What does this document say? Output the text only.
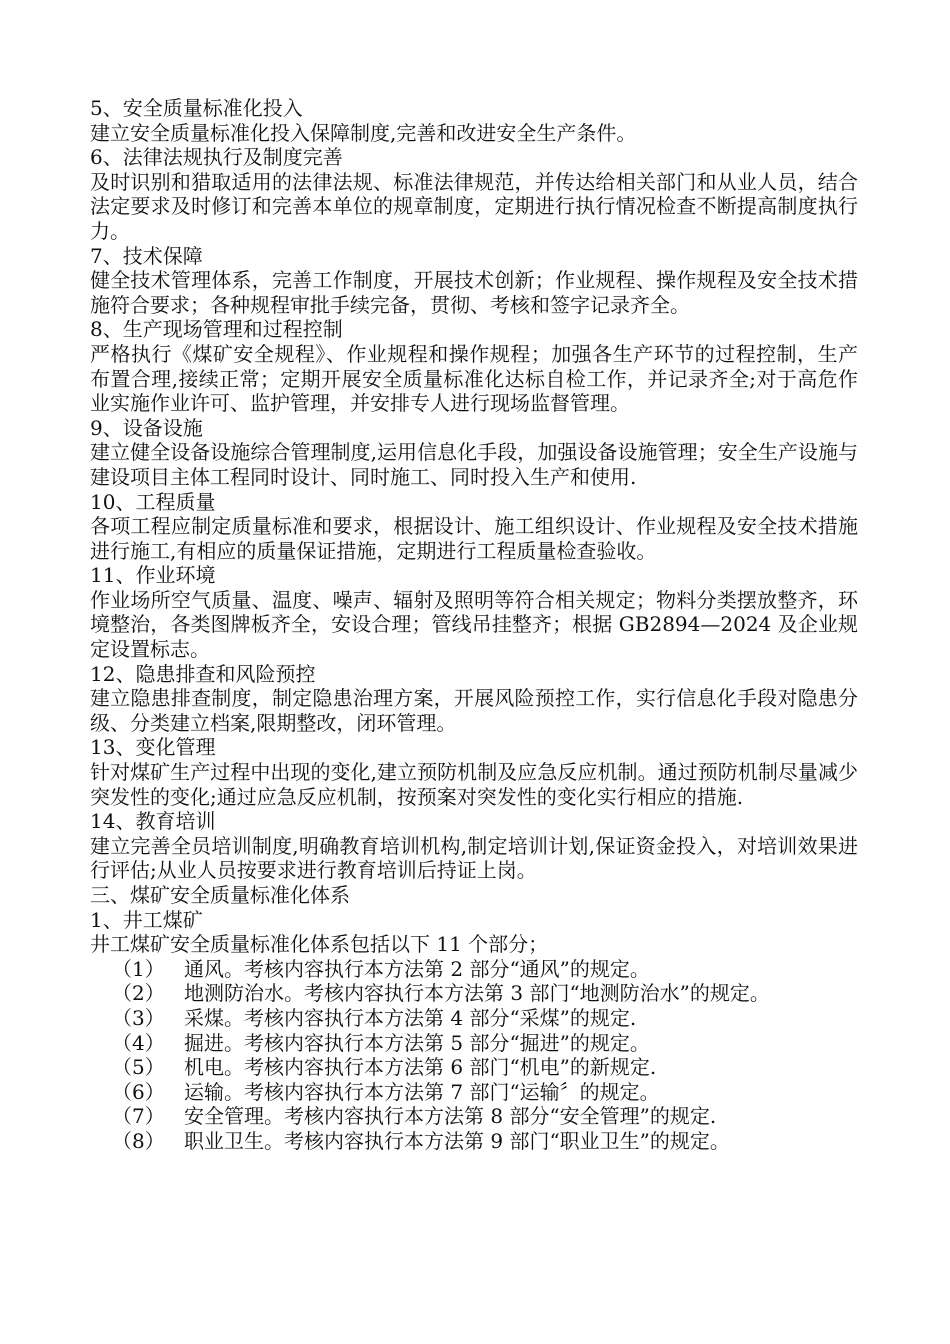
5、安全质量标准化投入

建立安全质量标准化投入保障制度,完善和改进安全生产条件。

6、法律法规执行及制度完善

及时识别和猎取适用的法律法规、标准法律规范，并传达给相关部门和从业人员，结合法定要求及时修订和完善本单位的规章制度，定期进行执行情况检查不断提高制度执行力。

7、技术保障

健全技术管理体系，完善工作制度，开展技术创新；作业规程、操作规程及安全技术措施符合要求；各种规程审批手续完备，贯彻、考核和签字记录齐全。

8、生产现场管理和过程控制

严格执行《煤矿安全规程》、作业规程和操作规程；加强各生产环节的过程控制，生产布置合理,接续正常；定期开展安全质量标准化达标自检工作，并记录齐全;对于高危作业实施作业许可、监护管理，并安排专人进行现场监督管理。

9、设备设施

建立健全设备设施综合管理制度,运用信息化手段，加强设备设施管理；安全生产设施与建设项目主体工程同时设计、同时施工、同时投入生产和使用.

10、工程质量

各项工程应制定质量标准和要求，根据设计、施工组织设计、作业规程及安全技术措施进行施工,有相应的质量保证措施，定期进行工程质量检查验收。

11、作业环境

作业场所空气质量、温度、噪声、辐射及照明等符合相关规定；物料分类摆放整齐，环境整治，各类图牌板齐全，安设合理；管线吊挂整齐；根据 GB2894—2024 及企业规定设置标志。

12、隐患排查和风险预控

建立隐患排查制度，制定隐患治理方案，开展风险预控工作，实行信息化手段对隐患分级、分类建立档案,限期整改，闭环管理。

13、变化管理

针对煤矿生产过程中出现的变化,建立预防机制及应急反应机制。通过预防机制尽量减少突发性的变化;通过应急反应机制，按预案对突发性的变化实行相应的措施.

14、教育培训

建立完善全员培训制度,明确教育培训机构,制定培训计划,保证资金投入，对培训效果进行评估;从业人员按要求进行教育培训后持证上岗。

三、煤矿安全质量标准化体系

1、井工煤矿

井工煤矿安全质量标准化体系包括以下 11 个部分；

（1） 通风。考核内容执行本方法第 2 部分“通风”的规定。

（2） 地测防治水。考核内容执行本方法第 3 部门“地测防治水”的规定。

（3） 采煤。考核内容执行本方法第 4 部分“采煤”的规定.

（4） 掘进。考核内容执行本方法第 5 部分“掘进”的规定。

（5） 机电。考核内容执行本方法第 6 部门“机电”的新规定.

（6） 运输。考核内容执行本方法第 7 部门“运输〞的规定。

（7） 安全管理。考核内容执行本方法第 8 部分“安全管理”的规定.

（8） 职业卫生。考核内容执行本方法第 9 部门“职业卫生”的规定。
